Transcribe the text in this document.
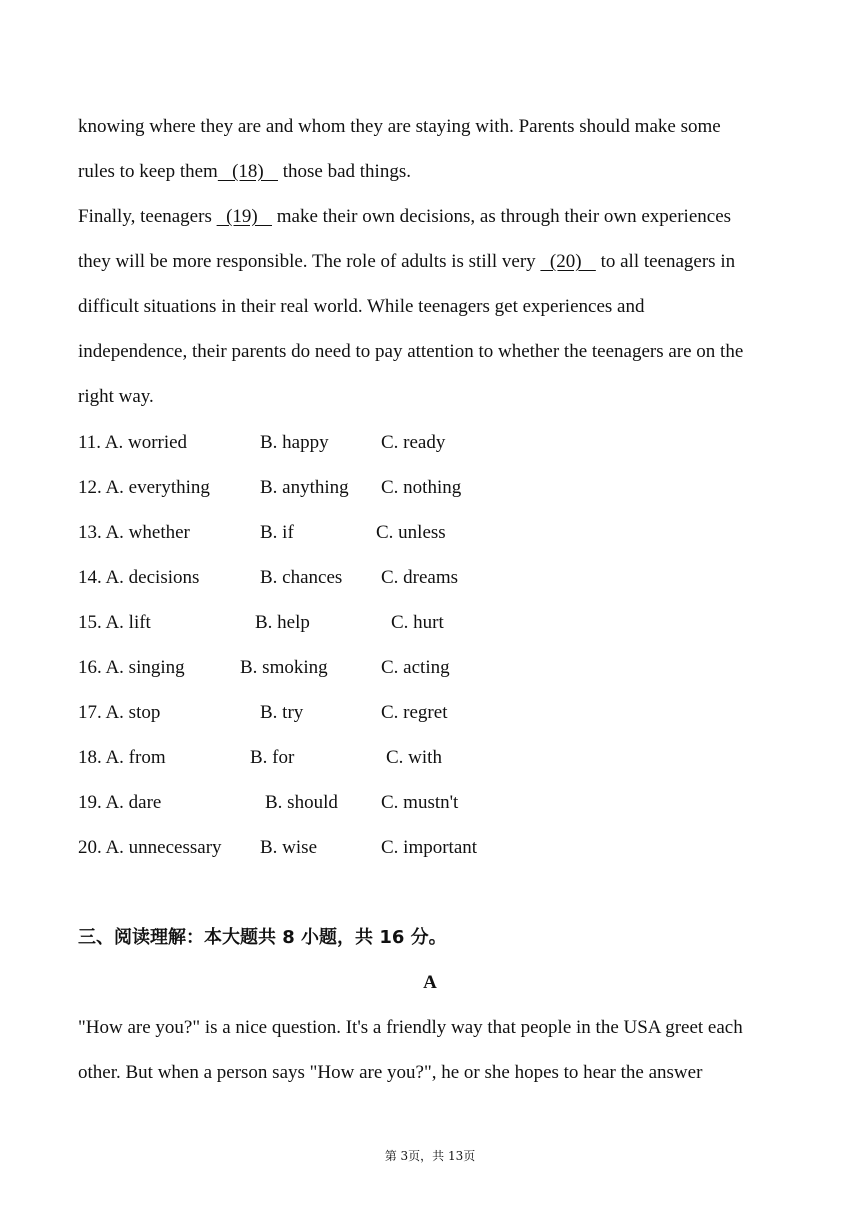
knowing where they are and whom they are staying with. Parents should make some
rules to keep them   (18)    those bad things.
Finally, teenagers   (19)    make their own decisions, as through their own experiences
they will be more responsible. The role of adults is still very   (20)    to all teenagers in
difficult situations in their real world. While teenagers get experiences and
independence, their parents do need to pay attention to whether the teenagers are on the
right way.
11. A. worried	B. happy	C. ready
12. A. everything	B. anything C. nothing
13. A. whether	B. if	C. unless
14. A. decisions	B. chances C. dreams
15. A. lift	B. help	C. hurt
16. A. singing	B. smoking	C. acting
17. A. stop	B. try	C. regret
18. A. from	B. for	C. with
19. A. dare	B. should C. mustn't
20. A. unnecessary B. wise	C. important
三、阅读理解：本大题共 8 小题，共 16 分。
A
"How are you?" is a nice question. It's a friendly way that people in the USA greet each
other. But when a person says "How are you?", he or she hopes to hear the answer
第 3页，共 13页
